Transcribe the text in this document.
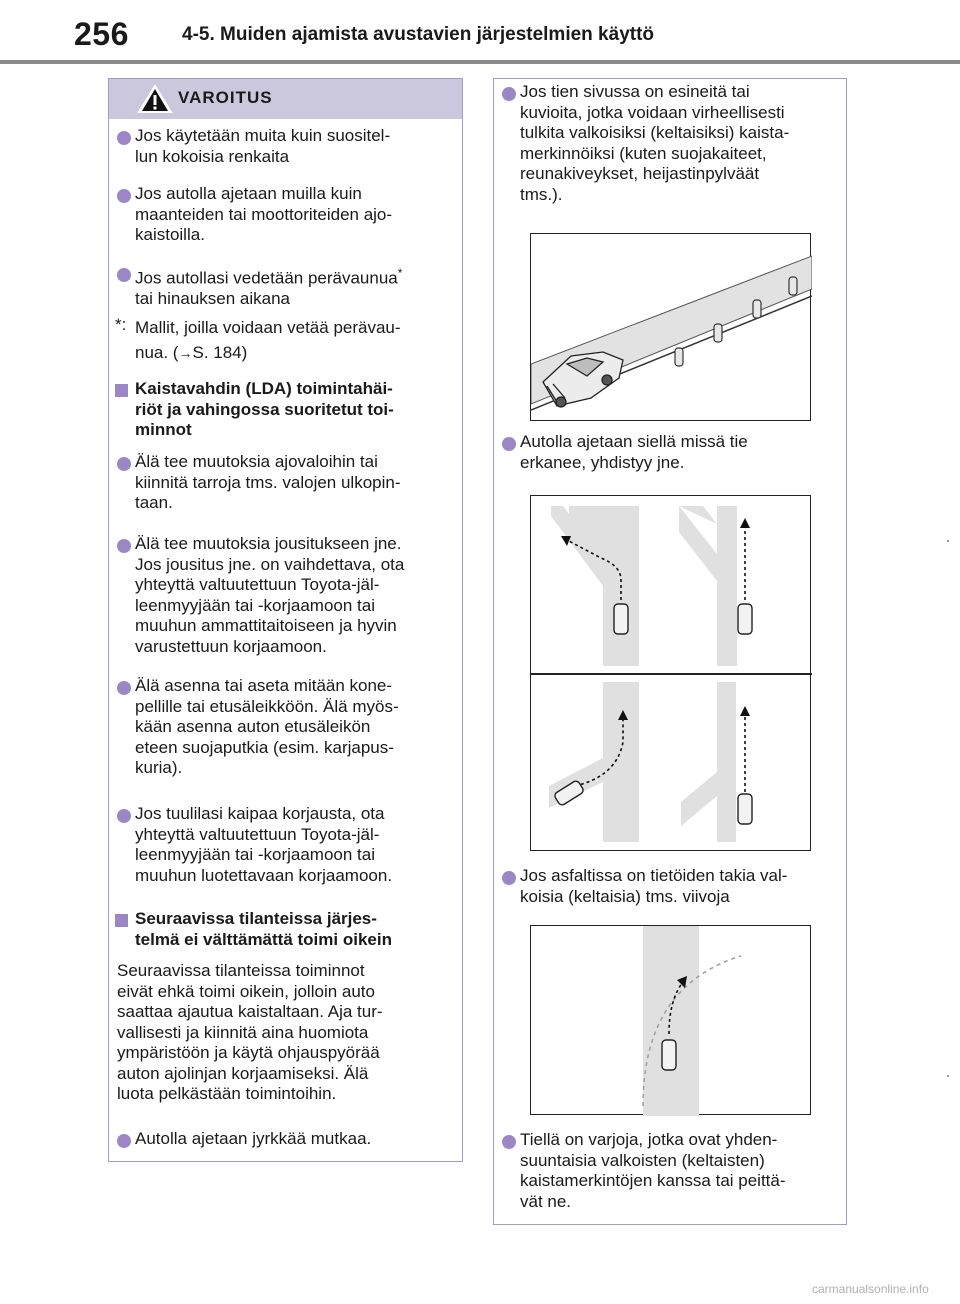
256	4-5. Muiden ajamista avustavien järjestelmien käyttö
VAROITUS
Jos käytetään muita kuin suositel-
lun kokoisia renkaita
Jos autolla ajetaan muilla kuin
maanteiden tai moottoriteiden ajo-
kaistoilla.
Jos autollasi vedetään perävaunua*
tai hinauksen aikana
*: Mallit, joilla voidaan vetää perävau-
nua. (→S. 184)
Kaistavahdin (LDA) toimintahäi-
riöt ja vahingossa suoritetut toi-
minnot
Älä tee muutoksia ajovaloihin tai
kiinnitä tarroja tms. valojen ulkopin-
taan.
Älä tee muutoksia jousitukseen jne.
Jos jousitus jne. on vaihdettava, ota
yhteyttä valtuutettuun Toyota-jäl-
leenmyyjään tai -korjaamoon tai
muuhun ammattitaitoiseen ja hyvin
varustettuun korjaamoon.
Älä asenna tai aseta mitään kone-
pellille tai etusäleikköön. Älä myös-
kään asenna auton etusäleikön
eteen suojaputkia (esim. karjapus-
kuria).
Jos tuulilasi kaipaa korjausta, ota
yhteyttä valtuutettuun Toyota-jäl-
leenmyyjään tai -korjaamoon tai
muuhun luotettavaan korjaamoon.
Seuraavissa tilanteissa järjes-
telmä ei välttämättä toimi oikein
Seuraavissa tilanteissa toiminnot
eivät ehkä toimi oikein, jolloin auto
saattaa ajautua kaistaltaan. Aja tur-
vallisesti ja kiinnitä aina huomiota
ympäristöön ja käytä ohjauspyörää
auton ajolinjan korjaamiseksi. Älä
luota pelkästään toimintoihin.
Autolla ajetaan jyrkkää mutkaa.
Jos tien sivussa on esineitä tai
kuvioita, jotka voidaan virheellisesti
tulkita valkoisiksi (keltaisiksi) kaista-
merkinnöiksi (kuten suojakaiteet,
reunakiveykset, heijastinpylväät
tms.).
Autolla ajetaan siellä missä tie
erkanee, yhdistyy jne.
Jos asfaltissa on tietöiden takia val-
koisia (keltaisia) tms. viivoja
Tiellä on varjoja, jotka ovat yhden-
suuntaisia valkoisten (keltaisten)
kaistamerkintöjen kanssa tai peittä-
vät ne.
carmanualsonline.info
